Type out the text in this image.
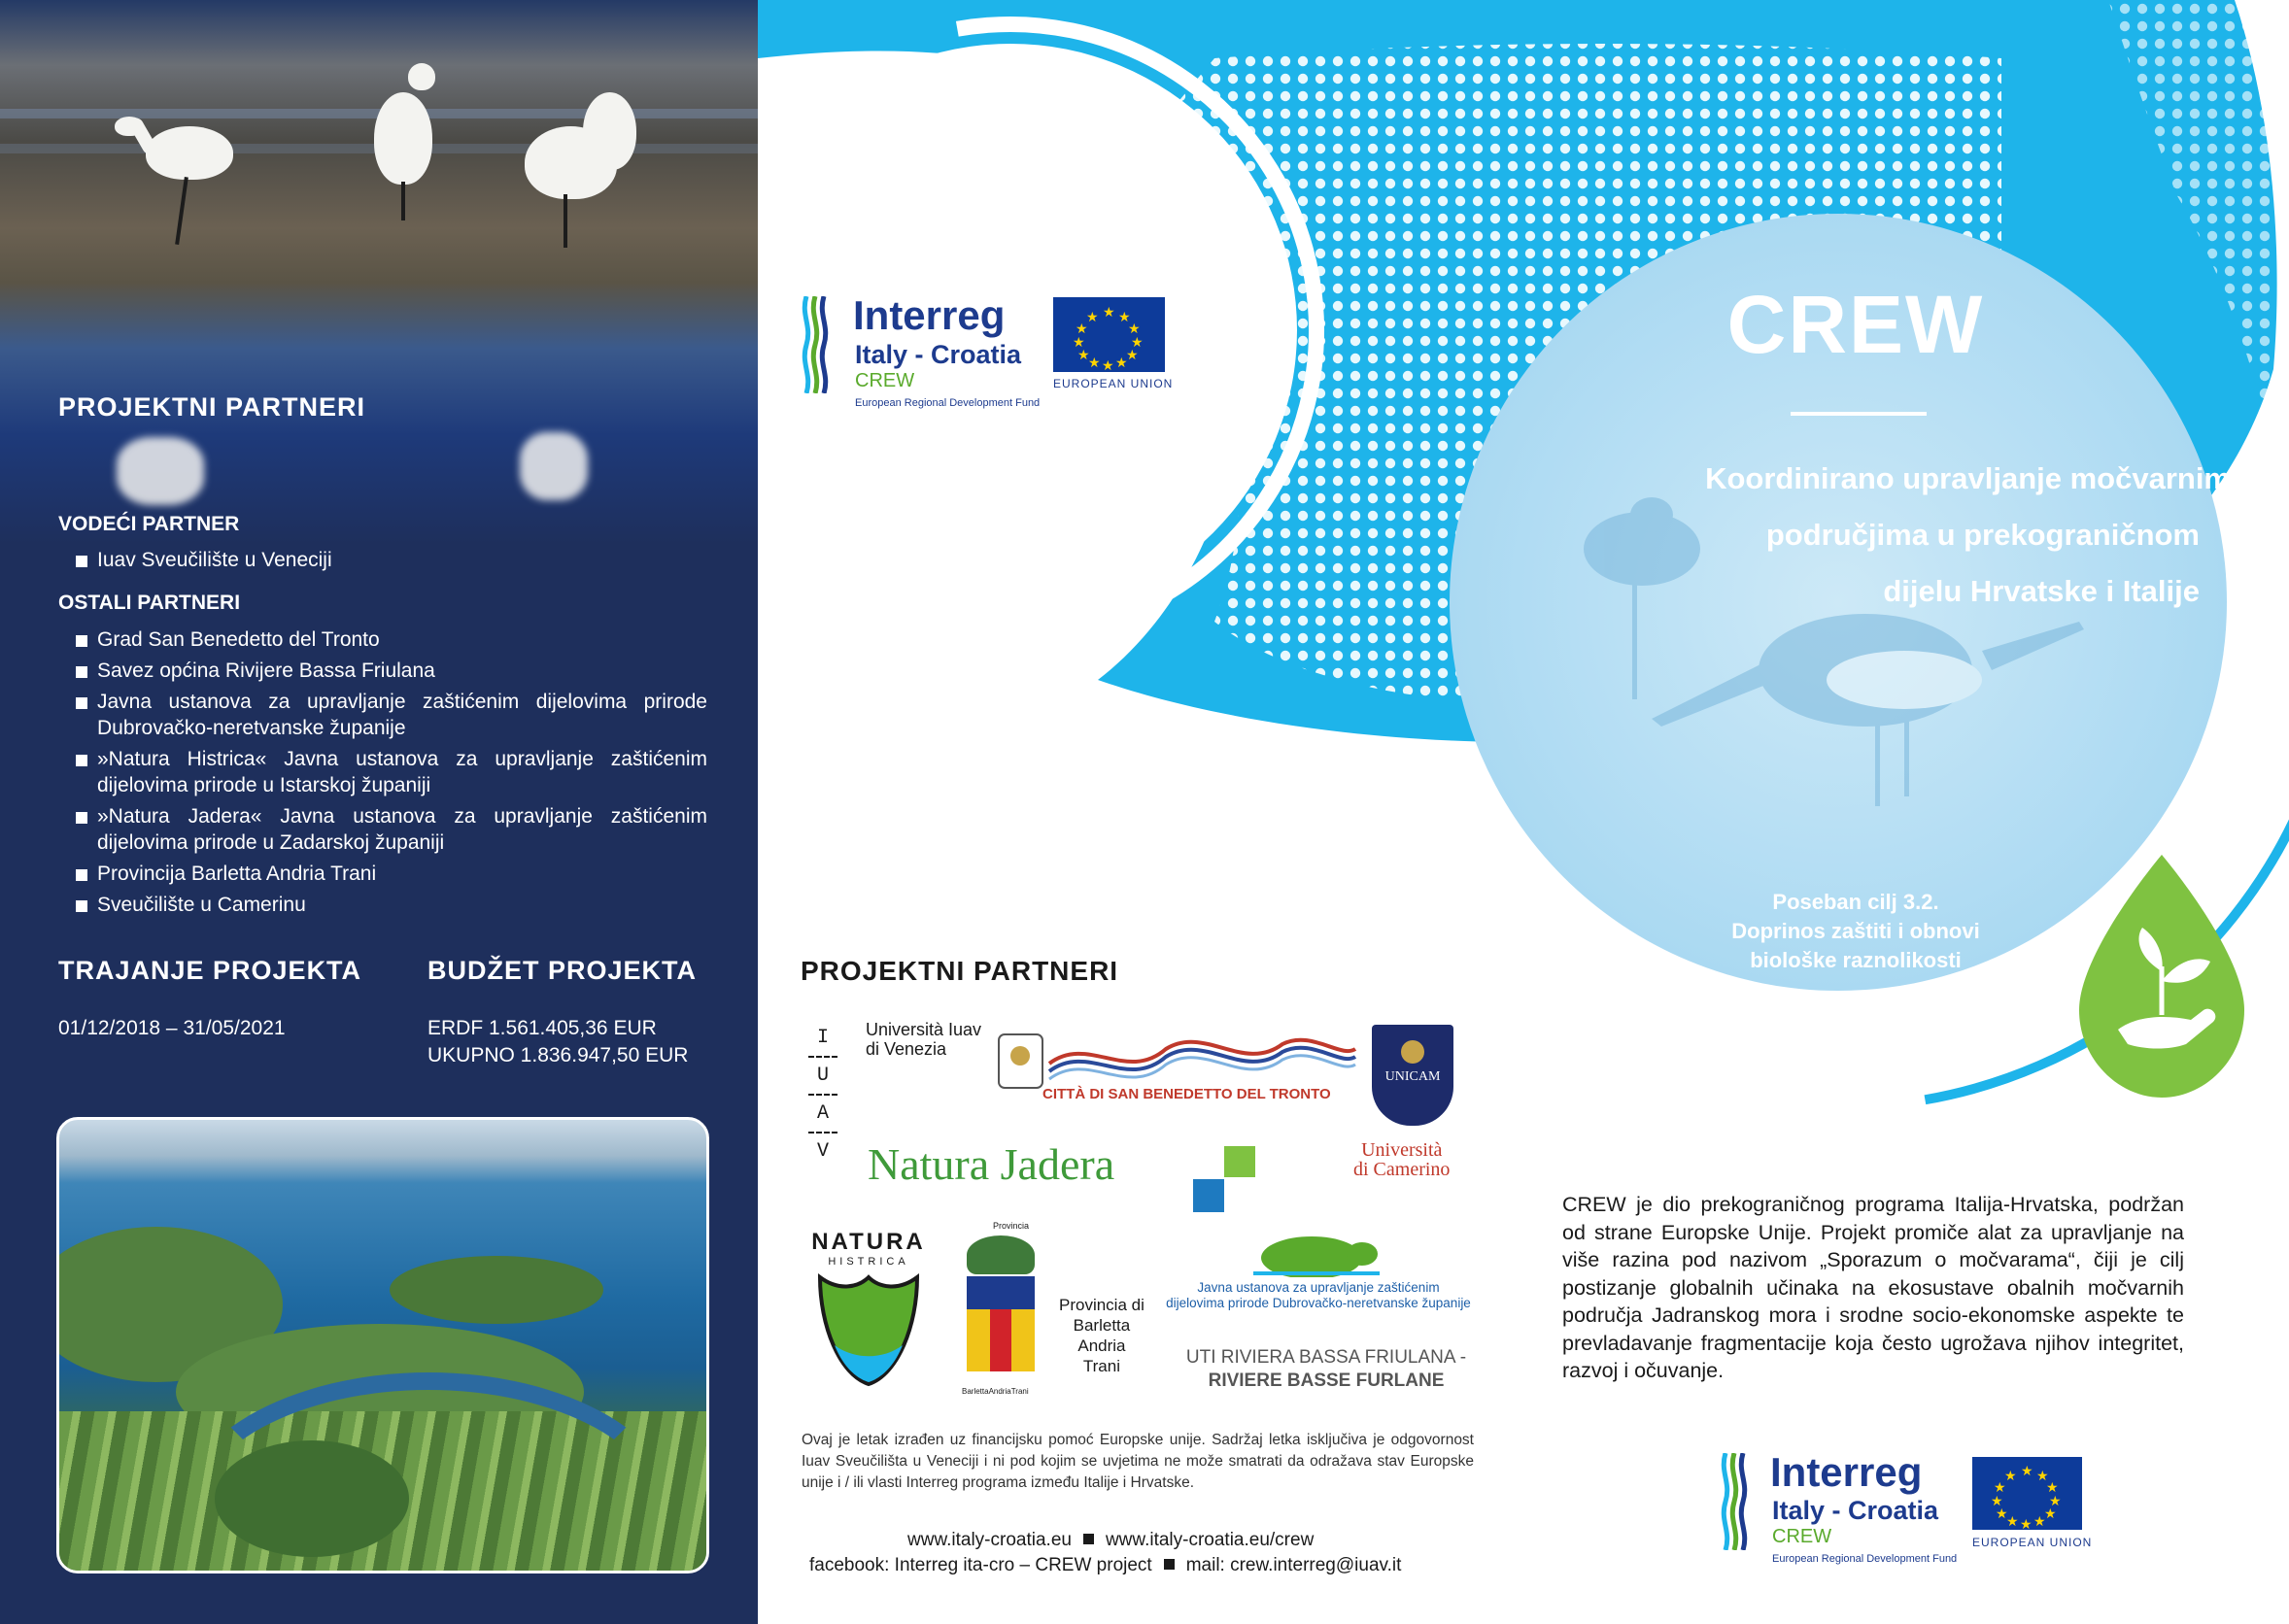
PROJEKTNI PARTNERI
VODEĆI PARTNER
Iuav Sveučilište u Veneciji
OSTALI PARTNERI
Grad San Benedetto del Tronto
Savez općina Rivijere Bassa Friulana
Javna ustanova za upravljanje zaštićenim dijelovima prirode Dubrovačko-neretvanske županije
»Natura Histrica« Javna ustanova za upravljanje zaštićenim dijelovima prirode u Istarskoj županiji
»Natura Jadera« Javna ustanova za upravljanje zaštićenim dijelovima prirode u Zadarskoj županiji
Provincija Barletta Andria Trani
Sveučilište u Camerinu
TRAJANJE PROJEKTA	BUDŽET PROJEKTA
01/12/2018 – 31/05/2021	ERDF 1.561.405,36 EUR
UKUPNO 1.836.947,50 EUR
Interreg
Italy - Croatia
CREW
European Regional Development Fund
★ ★
★
★
★
★
★
★
★
★
★
★
EUROPEAN UNION
PROJEKTNI PARTNERI
I
U
A
V
Università Iuav
di Venezia
CITTÀ DI SAN BENEDETTO DEL TRONTO
UNICAM
Natura Jadera	Università
di Camerino
NATURA
HISTRICA
Provincia
BarlettaAndriaTrani
Provincia di
Barletta
Andria
Trani
Javna ustanova za upravljanje zaštićenim
dijelovima prirode Dubrovačko-neretvanske županije
UTI RIVIERA BASSA FRIULANA -
RIVIERE BASSE FURLANE
Ovaj je letak izrađen uz financijsku pomoć Europske unije. Sadržaj letka isključiva je odgovornost Iuav Sveučilišta u Veneciji i ni pod kojim se uvjetima ne može smatrati da odražava stav Europske unije i / ili vlasti Interreg programa između Italije i Hrvatske.
www.italy-croatia.eu www.italy-croatia.eu/crew
facebook: Interreg ita-cro – CREW project mail: crew.interreg@iuav.it
CREW
Koordinirano upravljanje močvarnim
područjima u prekograničnom
dijelu Hrvatske i Italije
Poseban cilj 3.2.
Doprinos zaštiti i obnovi
biološke raznolikosti
CREW je dio prekograničnog programa Italija-Hrvatska, podržan od strane Europske Unije. Projekt promiče alat za upravljanje na više razina pod nazivom „Sporazum o močvarama“, čiji je cilj postizanje globalnih učinaka na ekosustave obalnih močvarnih područja Jadranskog mora i srodne socio-ekonomske aspekte te prevladavanje fragmentacije koja često ugrožava njihov integritet, razvoj i očuvanje.
Interreg
Italy - Croatia
CREW
European Regional Development Fund
★ ★
★
★
★
★
★
★
★
★
★
★
EUROPEAN UNION
